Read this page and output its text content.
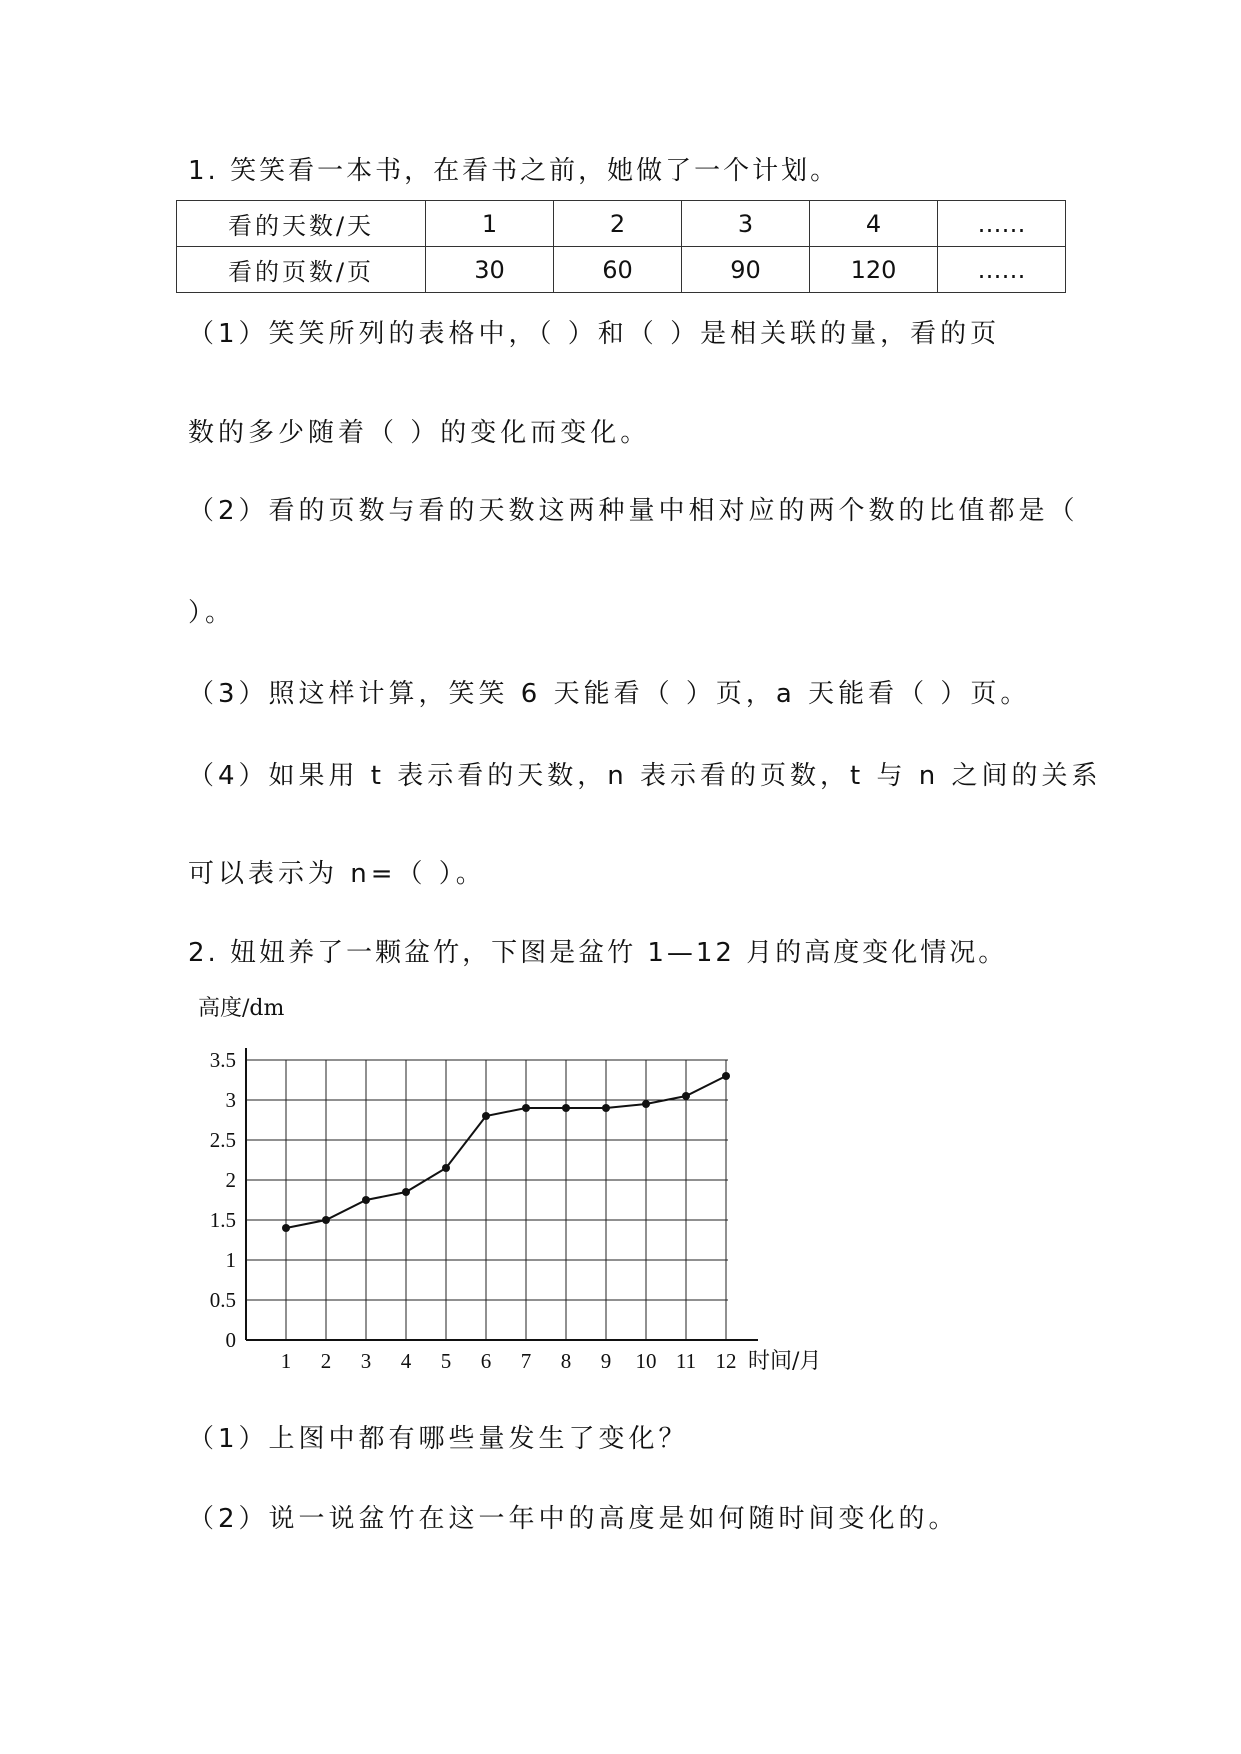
1. 笑笑看一本书，在看书之前，她做了一个计划。
看的天数/天	1	2	3	4	……
看的页数/页	30	60	90	120	……
（1）笑笑所列的表格中，（ ）和（ ）是相关联的量，看的页
数的多少随着（ ）的变化而变化。
（2）看的页数与看的天数这两种量中相对应的两个数的比值都是（
）。
（3）照这样计算，笑笑 6 天能看（ ）页，a 天能看（ ）页。
（4）如果用 t 表示看的天数，n 表示看的页数，t 与 n 之间的关系
可以表示为 n=（ ）。
2. 妞妞养了一颗盆竹，下图是盆竹 1—12 月的高度变化情况。
0
0.5
1
1.5
2
2.5
3
3.5
1 2 3 4 5 6 7 8 9 10 11 12
高度/dm
时间/月
（1）上图中都有哪些量发生了变化？
（2）说一说盆竹在这一年中的高度是如何随时间变化的。
